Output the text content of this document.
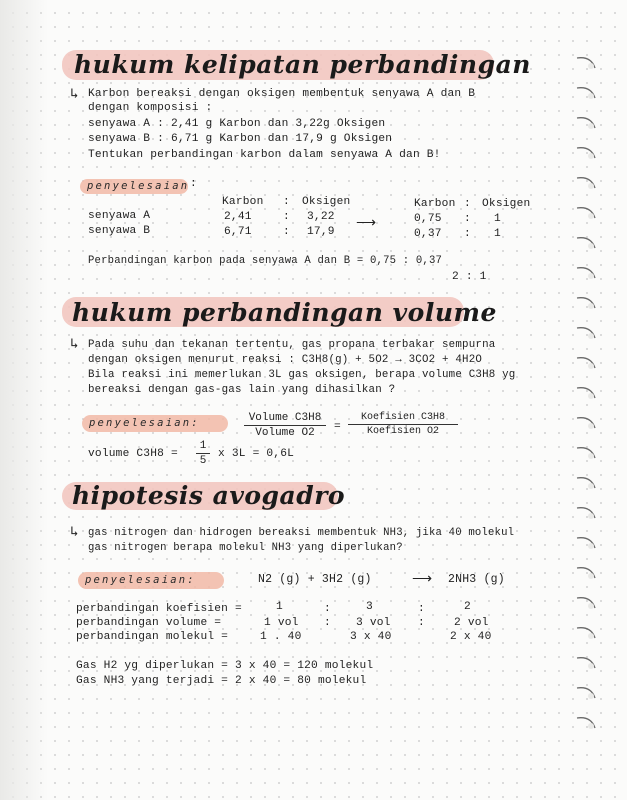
hukum kelipatan perbandingan
↳ Karbon bereaksi dengan oksigen membentuk senyawa A dan B
dengan komposisi :
senyawa A : 2,41 g Karbon dan 3,22g Oksigen
senyawa B : 6,71 g Karbon dan 17,9 g Oksigen
Tentukan perbandingan karbon dalam senyawa A dan B!
penyelesaian :
Karbon : Oksigen	Karbon : Oksigen
senyawa A	2,41	: 3,22	0,75 : 1
⟶
senyawa B	6,71	: 17,9	0,37 : 1
Perbandingan karbon pada senyawa A dan B = 0,75 : 0,37
2 : 1
hukum perbandingan volume
↳ Pada suhu dan tekanan tertentu, gas propana terbakar sempurna
dengan oksigen menurut reaksi : C3H8(g) + 5O2 → 3CO2 + 4H2O
Bila reaksi ini memerlukan 3L gas oksigen, berapa volume C3H8 yg
bereaksi dengan gas-gas lain yang dihasilkan ?
penyelesaian:	Volume C3H8
Volume O2	=
Koefisien C3H8
Koefisien O2
volume C3H8 =
1
5
x 3L = 0,6L
hipotesis avogadro
↳ gas nitrogen dan hidrogen bereaksi membentuk NH3, jika 40 molekul
gas nitrogen berapa molekul NH3 yang diperlukan?
penyelesaian:	N2 (g) + 3H2 (g)	⟶ 2NH3 (g)
perbandingan koefisien =	1	:	3	:	2
perbandingan volume =	1 vol : 3 vol :	2 vol
perbandingan molekul =	1 . 40	3 x 40	2 x 40
Gas H2 yg diperlukan = 3 x 40 = 120 molekul
Gas NH3 yang terjadi = 2 x 40 = 80 molekul
